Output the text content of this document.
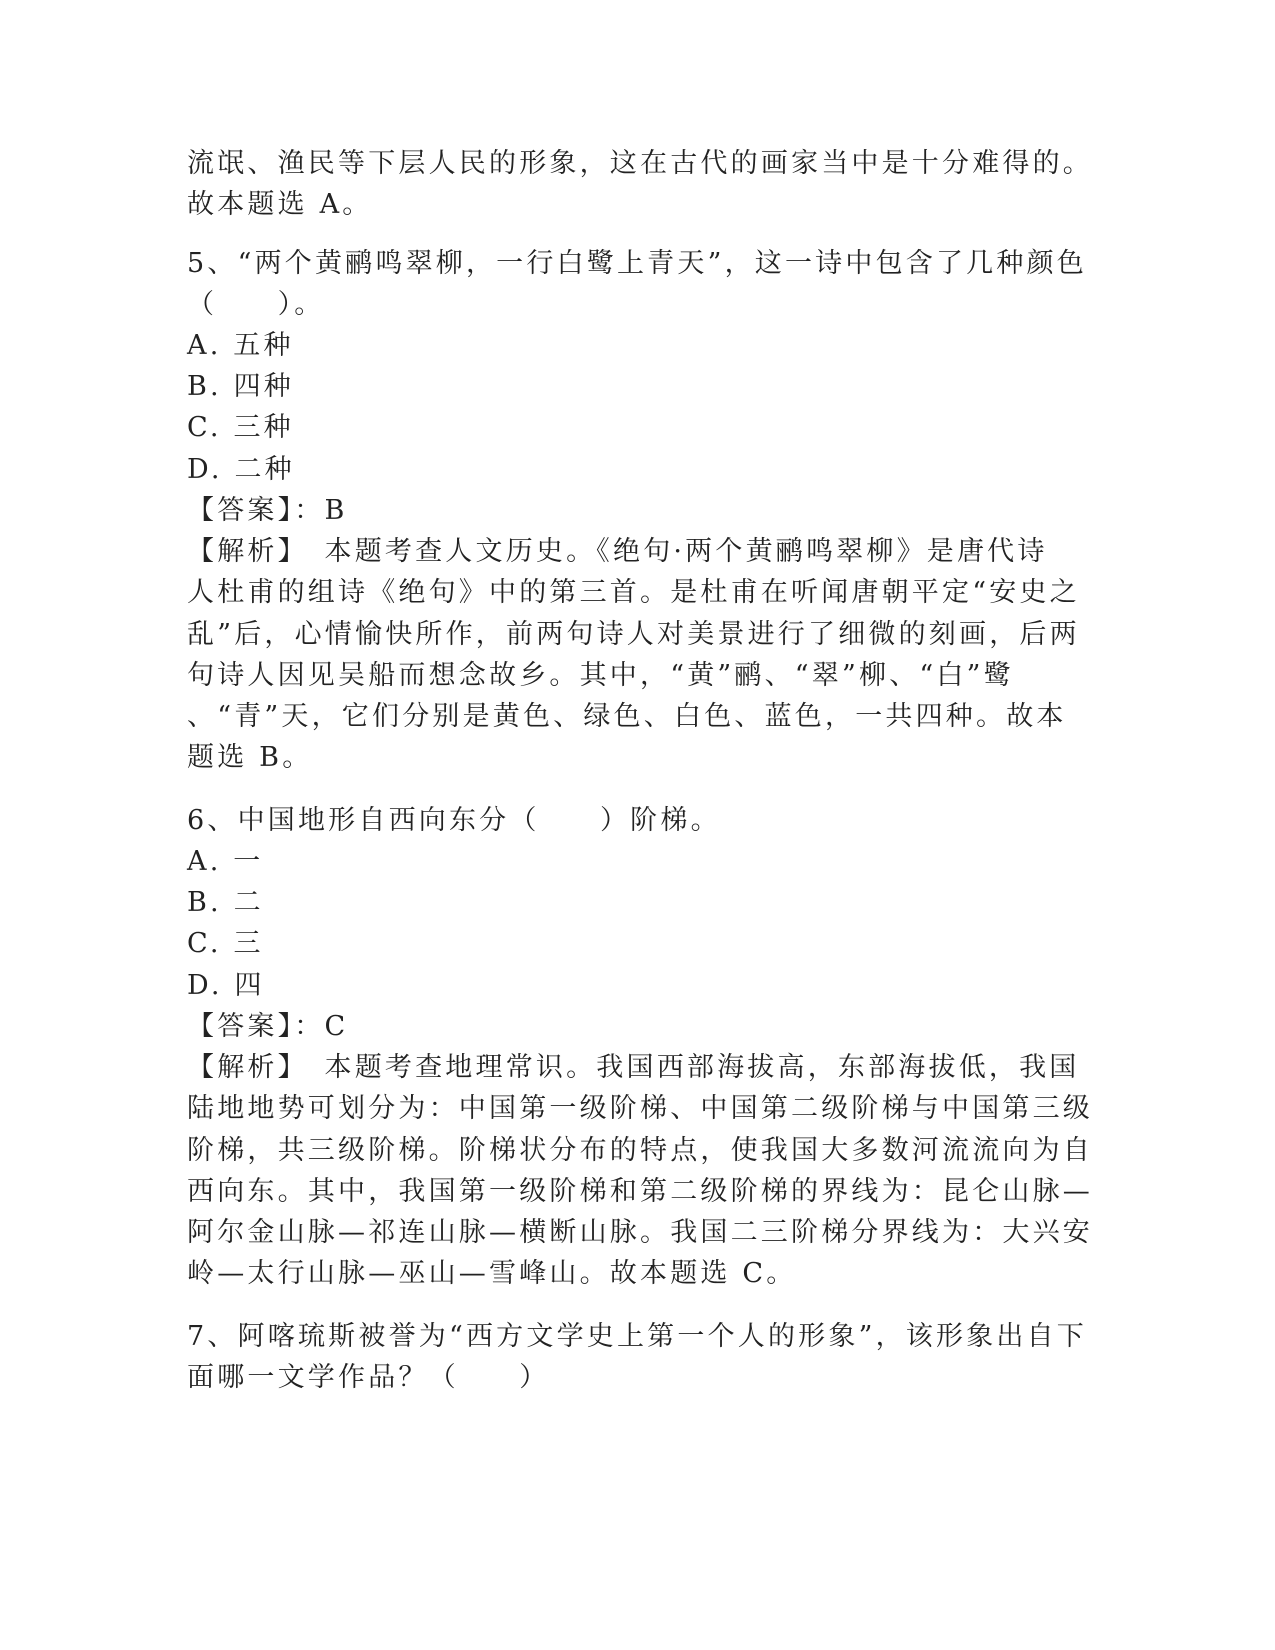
流氓、渔民等下层人民的形象，这在古代的画家当中是十分难得的。
故本题选 A。
5、“两个黄鹂鸣翠柳，一行白鹭上青天”，这一诗中包含了几种颜色
（　　）。
A. 五种
B. 四种
C. 三种
D. 二种
【答案】：B
【解析】　本题考查人文历史。《绝句·两个黄鹂鸣翠柳》是唐代诗
人杜甫的组诗《绝句》中的第三首。是杜甫在听闻唐朝平定“安史之
乱”后，心情愉快所作，前两句诗人对美景进行了细微的刻画，后两
句诗人因见吴船而想念故乡。其中，“黄”鹂、“翠”柳、“白”鹭
、“青”天，它们分别是黄色、绿色、白色、蓝色，一共四种。故本
题选 B。
6、中国地形自西向东分（　　）阶梯。
A. 一
B. 二
C. 三
D. 四
【答案】：C
【解析】　本题考查地理常识。我国西部海拔高，东部海拔低，我国
陆地地势可划分为：中国第一级阶梯、中国第二级阶梯与中国第三级
阶梯，共三级阶梯。阶梯状分布的特点，使我国大多数河流流向为自
西向东。其中，我国第一级阶梯和第二级阶梯的界线为：昆仑山脉—
阿尔金山脉—祁连山脉—横断山脉。我国二三阶梯分界线为：大兴安
岭—太行山脉—巫山—雪峰山。故本题选 C。
7、阿喀琉斯被誉为“西方文学史上第一个人的形象”，该形象出自下
面哪一文学作品？（　　）
